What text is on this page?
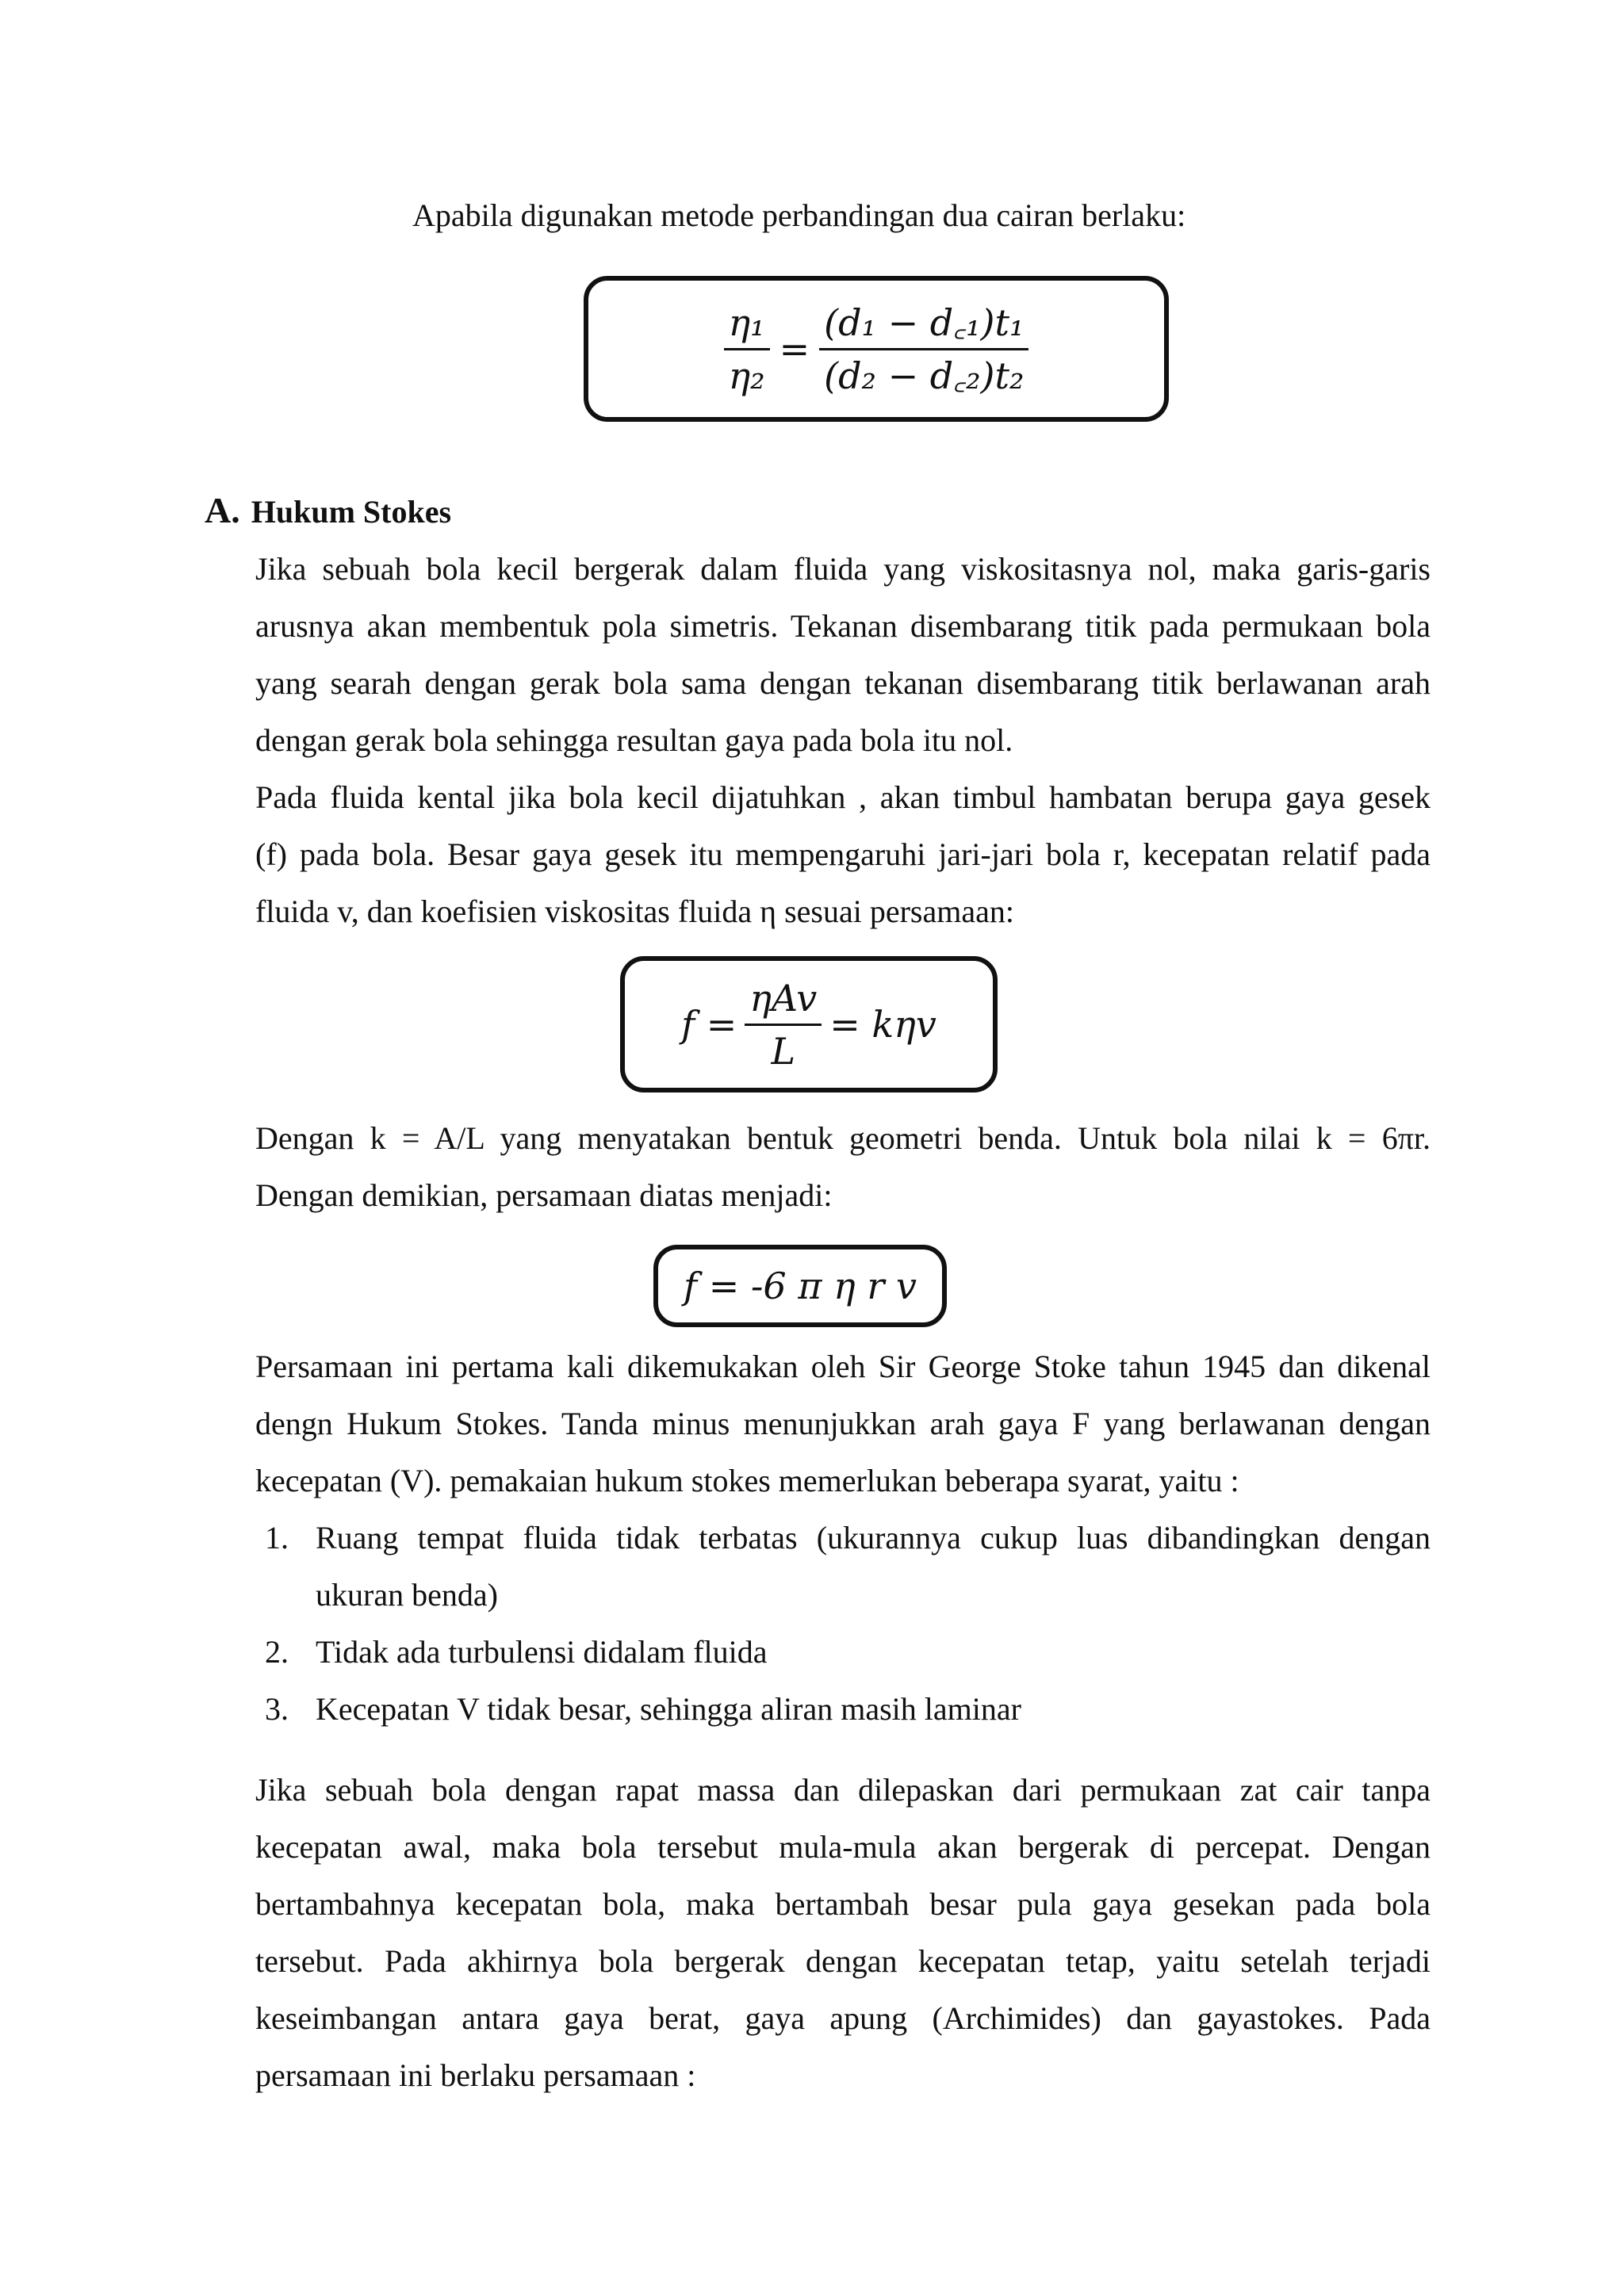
Apabila digunakan metode perbandingan dua cairan berlaku:
$\frac{\text{η₁}}{\text{η₂}} = \frac{\text{(d₁ − d꜀₁)t₁}}{\text{(d₂ − d꜀₂)t₂}}$
A. Hukum Stokes
Jika sebuah bola kecil bergerak dalam fluida yang viskositasnya nol, maka garis-garis
arusnya akan membentuk pola simetris. Tekanan disembarang titik pada permukaan bola
yang searah dengan gerak bola sama dengan tekanan disembarang titik berlawanan arah
dengan gerak bola sehingga resultan gaya pada bola itu nol.
Pada fluida kental jika bola kecil dijatuhkan , akan timbul hambatan berupa gaya gesek
(f) pada bola. Besar gaya gesek itu mempengaruhi jari-jari bola r, kecepatan relatif pada
fluida v, dan koefisien viskositas fluida η sesuai persamaan:
$f = \frac{\text{ηAv}}{L} = k\eta v$
Dengan k = A/L yang menyatakan bentuk geometri benda. Untuk bola nilai k = 6πr.
Dengan demikian, persamaan diatas menjadi:
f = -6 π η r v
Persamaan ini pertama kali dikemukakan oleh Sir George Stoke tahun 1945 dan dikenal
dengn Hukum Stokes. Tanda minus menunjukkan arah gaya F yang berlawanan dengan
kecepatan (V). pemakaian hukum stokes memerlukan beberapa syarat, yaitu :
1. Ruang tempat fluida tidak terbatas (ukurannya cukup luas dibandingkan dengan
ukuran benda)
2. Tidak ada turbulensi didalam fluida
3. Kecepatan V tidak besar, sehingga aliran masih laminar
Jika sebuah bola dengan rapat massa dan dilepaskan dari permukaan zat cair tanpa
kecepatan awal, maka bola tersebut mula-mula akan bergerak di percepat. Dengan
bertambahnya kecepatan bola, maka bertambah besar pula gaya gesekan pada bola
tersebut. Pada akhirnya bola bergerak dengan kecepatan tetap, yaitu setelah terjadi
keseimbangan antara gaya berat, gaya apung (Archimides) dan gayastokes. Pada
persamaan ini berlaku persamaan :
